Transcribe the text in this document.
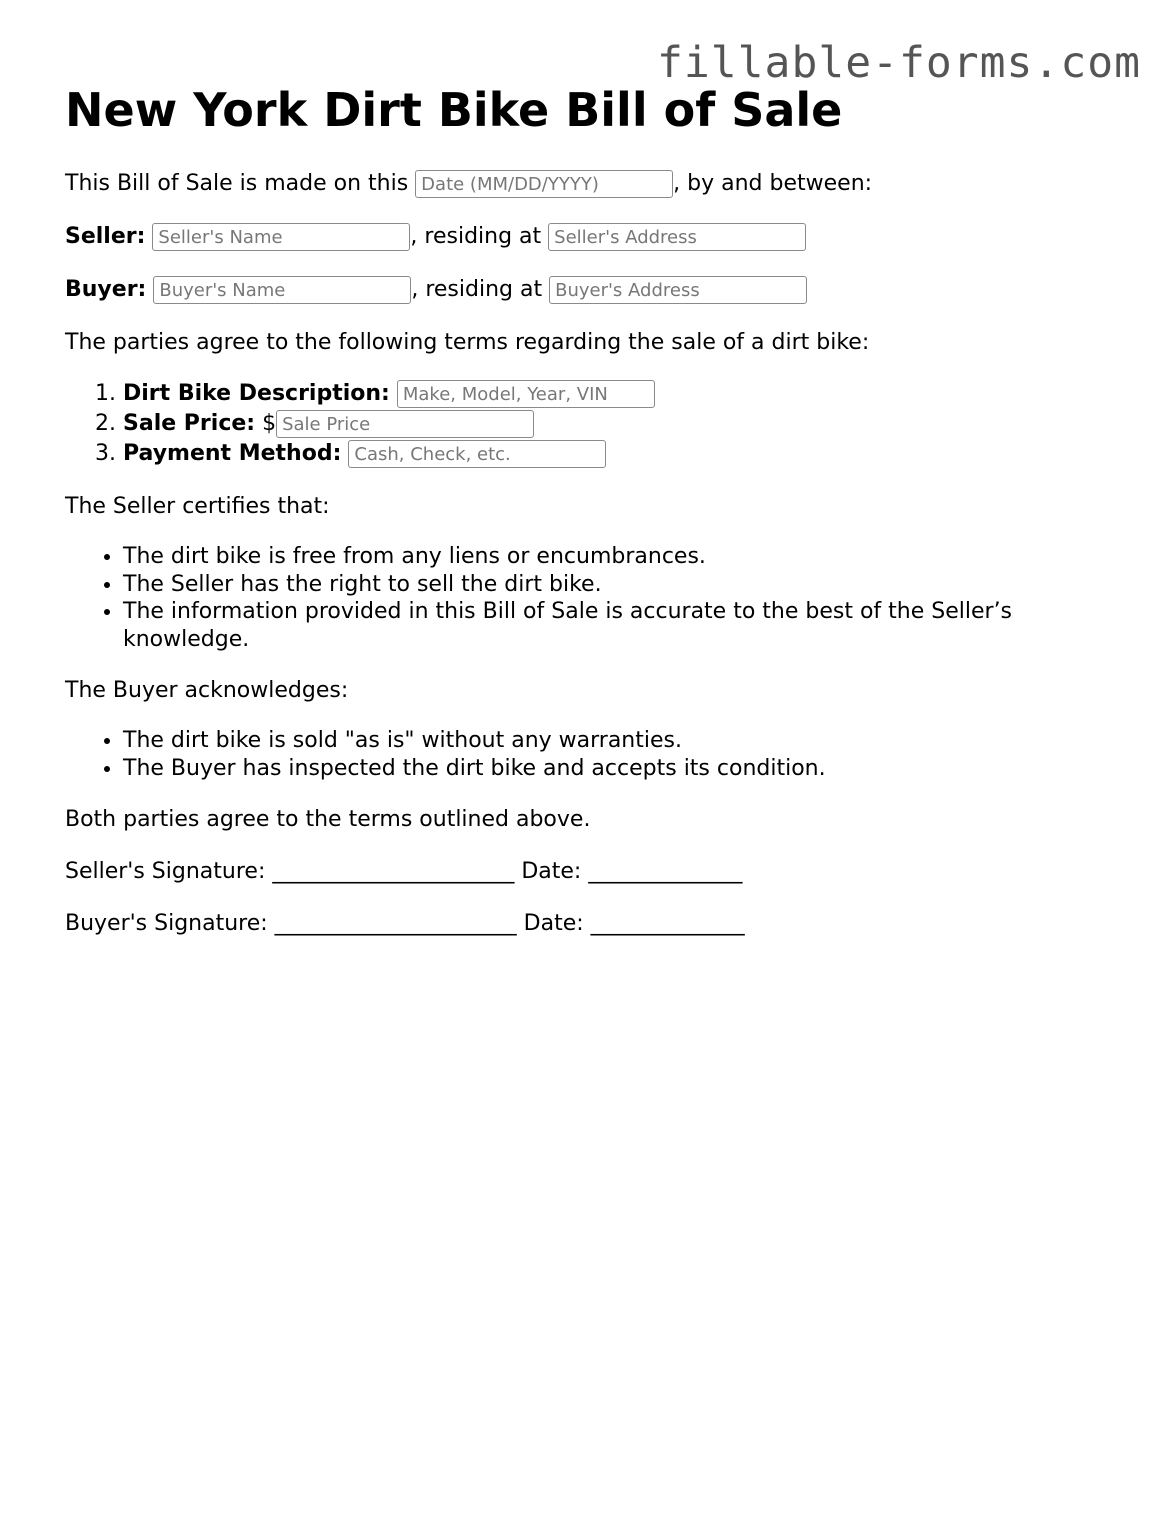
fillable-forms.com
New York Dirt Bike Bill of Sale

This Bill of Sale is made on this Date (MM/DD/YYYY)	, by and between:

Seller: Seller's Name	, residing at Seller's Address

Buyer: Buyer's Name	, residing at Buyer's Address

The parties agree to the following terms regarding the sale of a dirt bike:

1. Dirt Bike Description: Make, Model, Year, VIN
2. Sale Price: $Sale Price
3. Payment Method: Cash, Check, etc.

The Seller certifies that:

• The dirt bike is free from any liens or encumbrances.
• The Seller has the right to sell the dirt bike.
• The information provided in this Bill of Sale is accurate to the best of the Seller’s knowledge.

The Buyer acknowledges:

• The dirt bike is sold "as is" without any warranties.
• The Buyer has inspected the dirt bike and accepts its condition.

Both parties agree to the terms outlined above.

Seller's Signature: ______________________ Date: ______________

Buyer's Signature: ______________________ Date: ______________
